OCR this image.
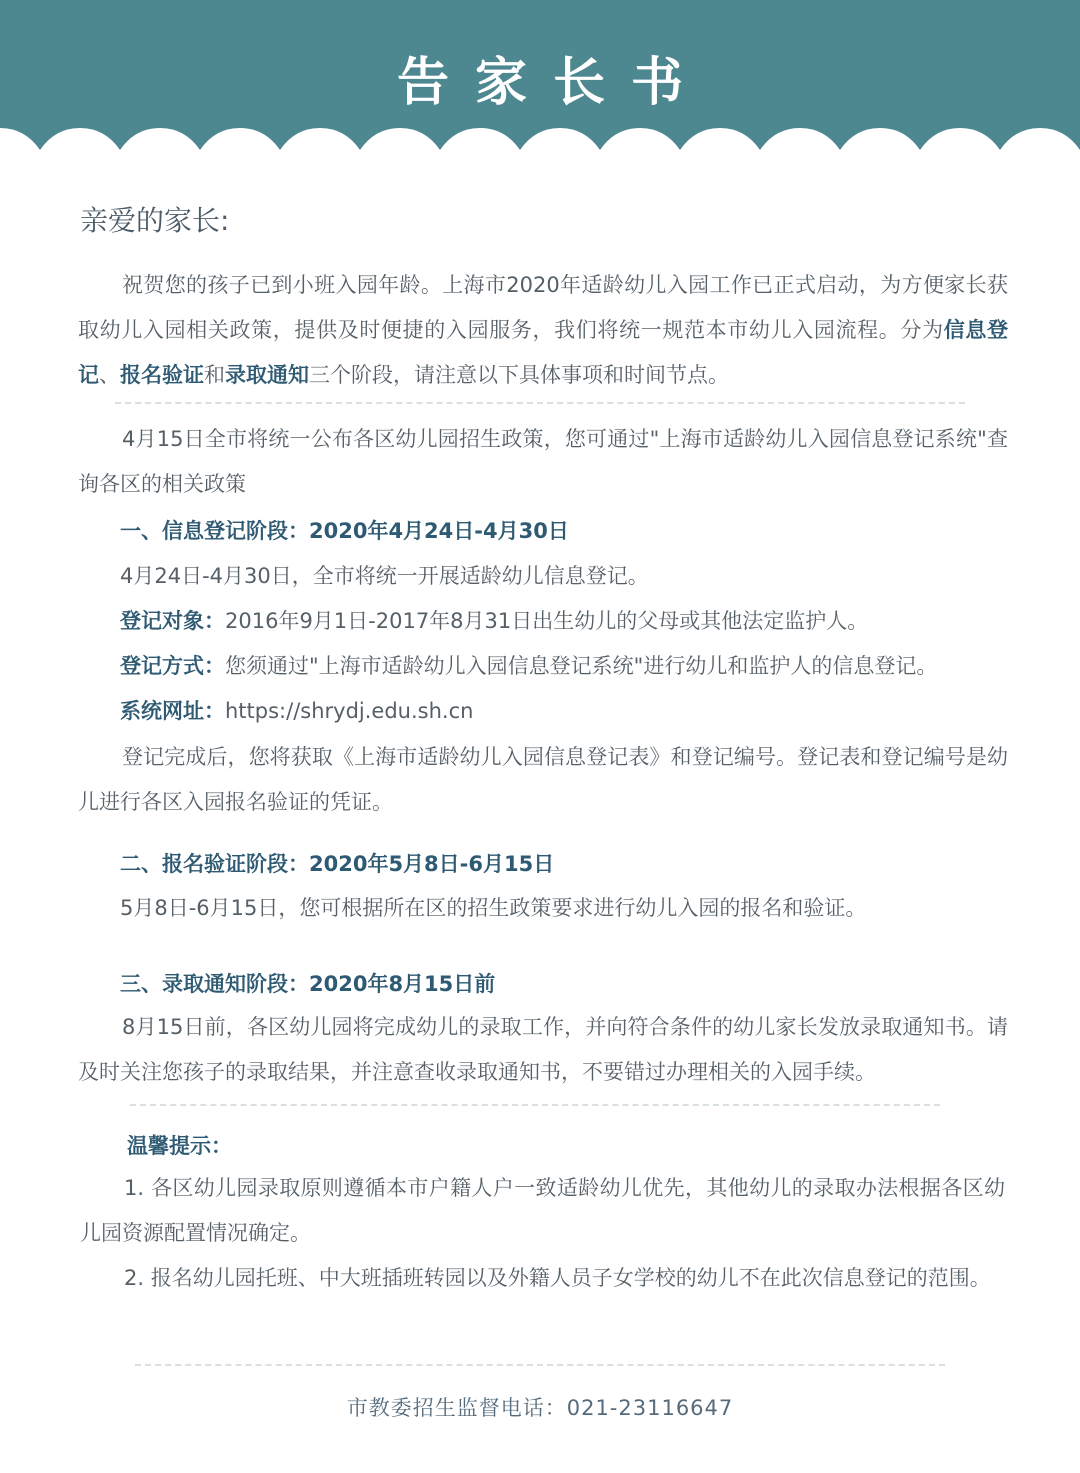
告家长书
亲爱的家长:
祝贺您的孩子已到小班入园年龄。上海市2020年适龄幼儿入园工作已正式启动，为方便家长获取幼儿入园相关政策，提供及时便捷的入园服务，我们将统一规范本市幼儿入园流程。分为信息登记、报名验证和录取通知三个阶段，请注意以下具体事项和时间节点。
4月15日全市将统一公布各区幼儿园招生政策，您可通过"上海市适龄幼儿入园信息登记系统"查询各区的相关政策
一、信息登记阶段：2020年4月24日-4月30日
4月24日-4月30日，全市将统一开展适龄幼儿信息登记。
登记对象：2016年9月1日-2017年8月31日出生幼儿的父母或其他法定监护人。
登记方式：您须通过"上海市适龄幼儿入园信息登记系统"进行幼儿和监护人的信息登记。
系统网址：https://shrydj.edu.sh.cn
登记完成后，您将获取《上海市适龄幼儿入园信息登记表》和登记编号。登记表和登记编号是幼儿进行各区入园报名验证的凭证。
二、报名验证阶段：2020年5月8日-6月15日
5月8日-6月15日，您可根据所在区的招生政策要求进行幼儿入园的报名和验证。
三、录取通知阶段：2020年8月15日前
8月15日前，各区幼儿园将完成幼儿的录取工作，并向符合条件的幼儿家长发放录取通知书。请及时关注您孩子的录取结果，并注意查收录取通知书，不要错过办理相关的入园手续。
温馨提示：
1. 各区幼儿园录取原则遵循本市户籍人户一致适龄幼儿优先，其他幼儿的录取办法根据各区幼儿园资源配置情况确定。
2. 报名幼儿园托班、中大班插班转园以及外籍人员子女学校的幼儿不在此次信息登记的范围。
市教委招生监督电话：021-23116647
